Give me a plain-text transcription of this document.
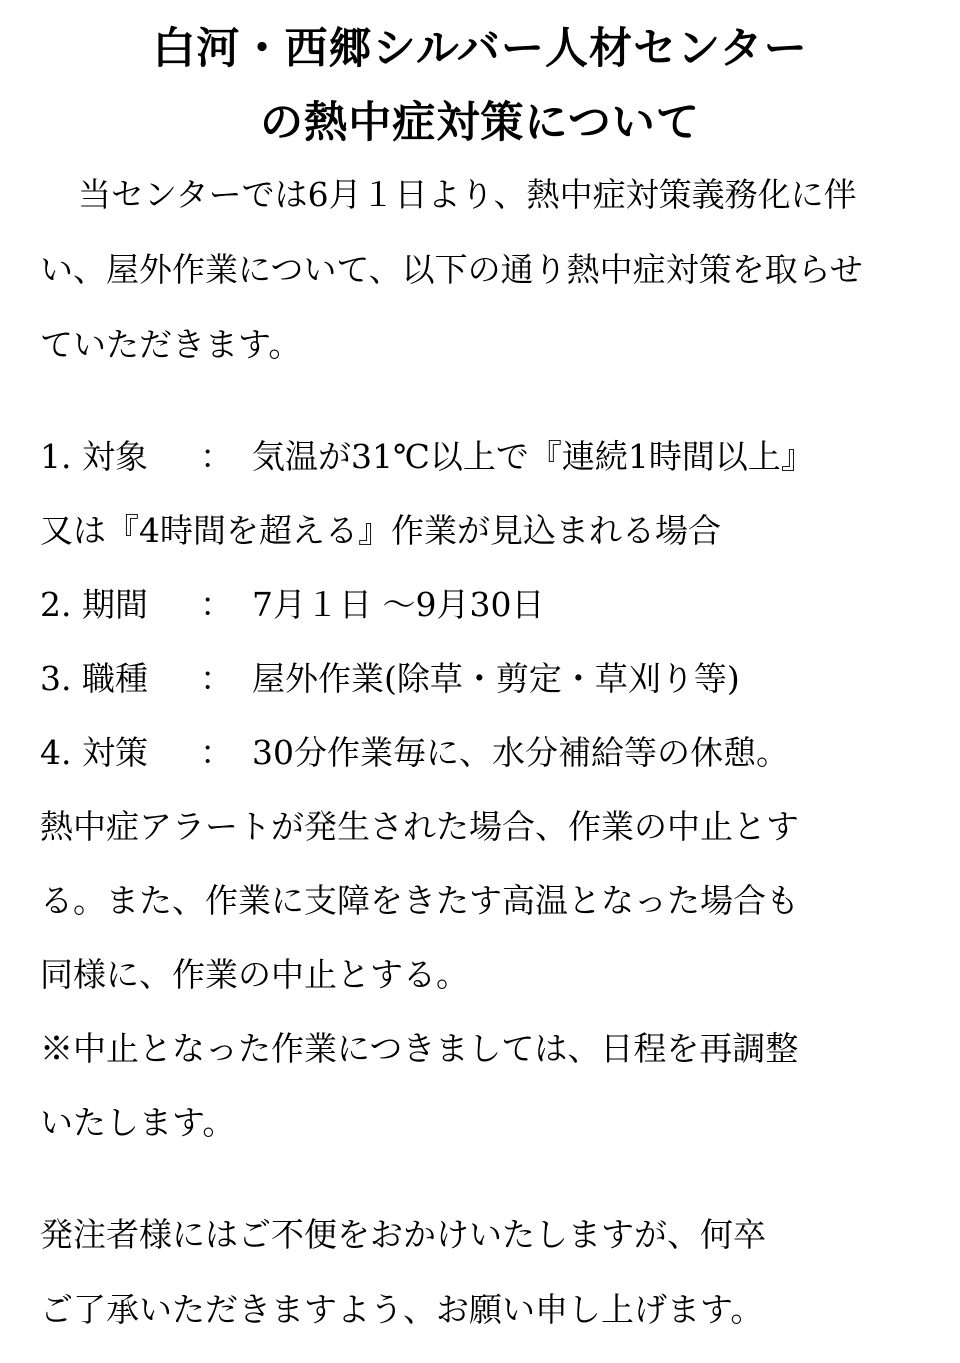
白河・西郷シルバー人材センター
の熱中症対策について
当センターでは6月１日より、熱中症対策義務化に伴
い、屋外作業について、以下の通り熱中症対策を取らせ
ていただきます。
1. 対象 ： 気温が31℃以上で『連続1時間以上』
又は『4時間を超える』作業が見込まれる場合
2. 期間 ： 7月１日 ～9月30日
3. 職種 ： 屋外作業(除草・剪定・草刈り等)
4. 対策 ： 30分作業毎に、水分補給等の休憩。
熱中症アラートが発生された場合、作業の中止とす
る。また、作業に支障をきたす高温となった場合も
同様に、作業の中止とする。
※中止となった作業につきましては、日程を再調整
いたします。
発注者様にはご不便をおかけいたしますが、何卒
ご了承いただきますよう、お願い申し上げます。
